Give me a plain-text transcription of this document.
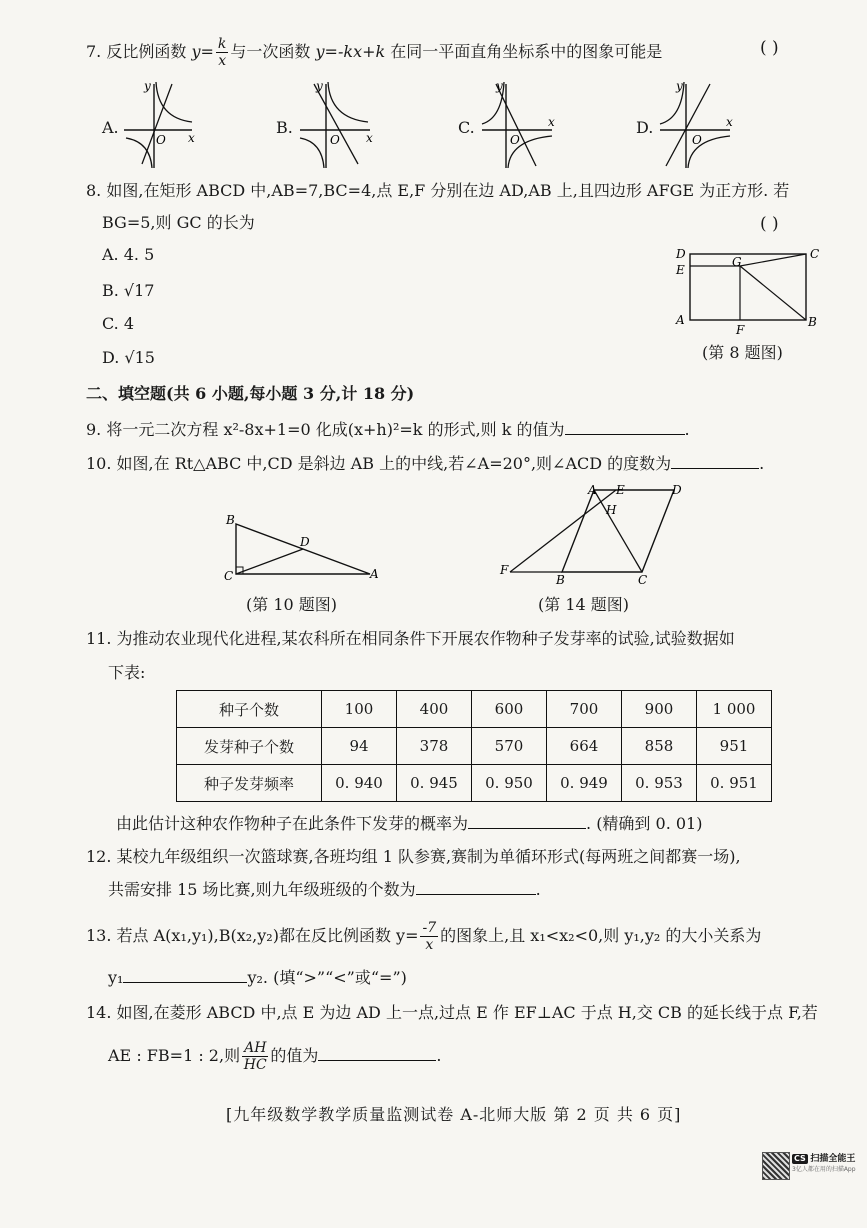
7. 反比例函数 $y= \frac{k}{x}$ 与一次函数 y=-kx+k 在同一平面直角坐标系中的图象可能是	( )
A.
y
x
O
B.
y
x
O
C.
y
x
O
D.
y
x
O
8. 如图,在矩形 ABCD 中,AB=7,BC=4,点 E,F 分别在边 AD,AB 上,且四边形 AFGE 为正方形. 若
BG=5,则 GC 的长为	( )
A. 4. 5
B. √17
C. 4
D. √15
D	C
E
G
A
F
B
(第 8 题图)
二、填空题(共 6 小题,每小题 3 分,计 18 分)
9. 将一元二次方程 x²-8x+1=0 化成(x+h)²=k 的形式,则 k 的值为	.
10. 如图,在 Rt△ABC 中,CD 是斜边 AB 上的中线,若∠A=20°,则∠ACD 的度数为	.
B
D
C	A
(第 10 题图)
A E	D
H
F
B	C
(第 14 题图)
11. 为推动农业现代化进程,某农科所在相同条件下开展农作物种子发芽率的试验,试验数据如
下表:
种子个数	100	400	600	700	900	1 000
发芽种子个数	94	378	570	664	858	951
种子发芽频率	0. 940	0. 945	0. 950	0. 949	0. 953	0. 951
由此估计这种农作物种子在此条件下发芽的概率为	. (精确到 0. 01)
12. 某校九年级组织一次篮球赛,各班均组 1 队参赛,赛制为单循环形式(每两班之间都赛一场),
共需安排 15 场比赛,则九年级班级的个数为	.
13. 若点 A(x₁,y₁),B(x₂,y₂)都在反比例函数 $y= \frac{-7}{x}$ 的图象上,且 x₁<x₂<0,则 y₁,y₂ 的大小关系为
y₁	y₂. (填“>”“<”或“=”)
14. 如图,在菱形 ABCD 中,点 E 为边 AD 上一点,过点 E 作 EF⊥AC 于点 H,交 CB 的延长线于点 F,若
AE : FB=1 : 2,则 $\frac{AH}{HC}$ 的值为	.
[九年级数学教学质量监测试卷 A-北师大版 第 2 页 共 6 页]
CS 扫描全能王
3亿人都在用的扫描App
